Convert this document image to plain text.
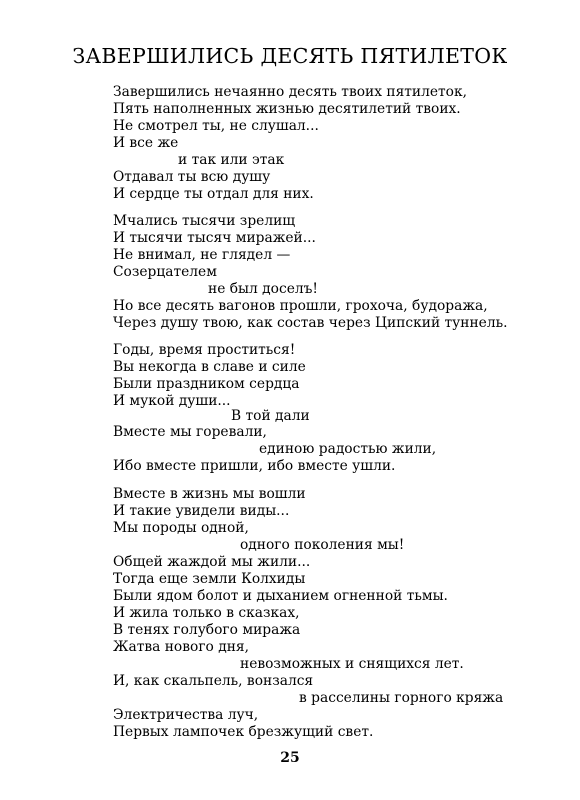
ЗАВЕРШИЛИСЬ ДЕСЯТЬ ПЯТИЛЕТОК

Завершились нечаянно десять твоих пятилеток,

Пять наполненных жизнью десятилетий твоих.

Не смотрел ты, не слушал...

И все же

и так или этак

Отдавал ты всю душу

И сердце ты отдал для них.

Мчались тысячи зрелищ

И тысячи тысяч миражей...

Не внимал, не глядел —

Созерцателем

не был доселъ!

Но все десять вагонов прошли, грохоча, будоража,

Через душу твою, как состав через Ципский туннель.

Годы, время проститься!

Вы некогда в славе и силе

Были праздником сердца

И мукой души...

В той дали

Вместе мы горевали,

единою радостью жили,

Ибо вместе пришли, ибо вместе ушли.

Вместе в жизнь мы вошли

И такие увидели виды...

Мы породы одной,

одного поколения мы!

Общей жаждой мы жили...

Тогда еще земли Колхиды

Были ядом болот и дыханием огненной тьмы.

И жила только в сказках,

В тенях голубого миража

Жатва нового дня,

невозможных и снящихся лет.

И, как скальпель, вонзался

в расселины горного кряжа

Электричества луч,

Первых лампочек брезжущий свет.

25
